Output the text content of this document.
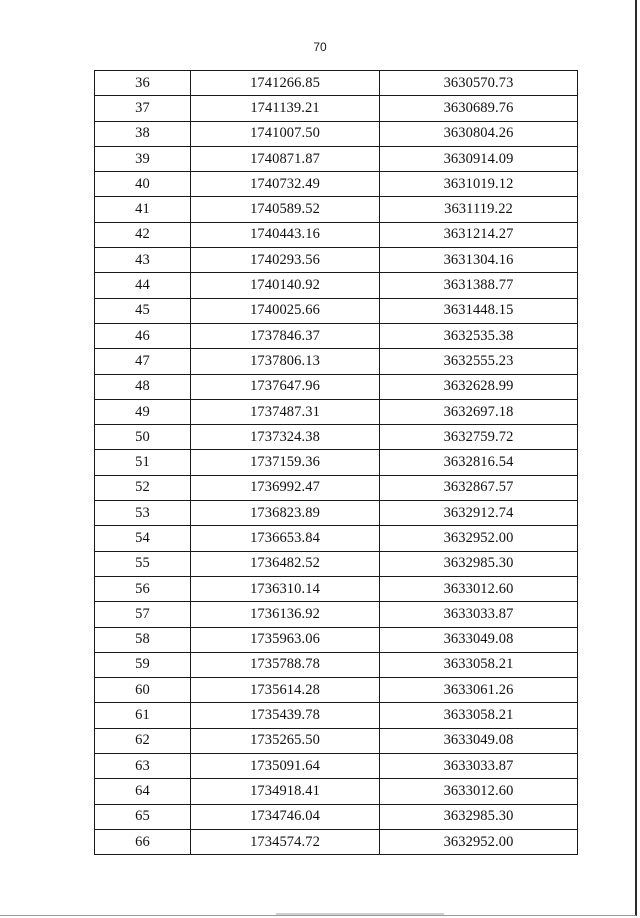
70
36	1741266.85	3630570.73
37	1741139.21	3630689.76
38	1741007.50	3630804.26
39	1740871.87	3630914.09
40	1740732.49	3631019.12
41	1740589.52	3631119.22
42	1740443.16	3631214.27
43	1740293.56	3631304.16
44	1740140.92	3631388.77
45	1740025.66	3631448.15
46	1737846.37	3632535.38
47	1737806.13	3632555.23
48	1737647.96	3632628.99
49	1737487.31	3632697.18
50	1737324.38	3632759.72
51	1737159.36	3632816.54
52	1736992.47	3632867.57
53	1736823.89	3632912.74
54	1736653.84	3632952.00
55	1736482.52	3632985.30
56	1736310.14	3633012.60
57	1736136.92	3633033.87
58	1735963.06	3633049.08
59	1735788.78	3633058.21
60	1735614.28	3633061.26
61	1735439.78	3633058.21
62	1735265.50	3633049.08
63	1735091.64	3633033.87
64	1734918.41	3633012.60
65	1734746.04	3632985.30
66	1734574.72	3632952.00
